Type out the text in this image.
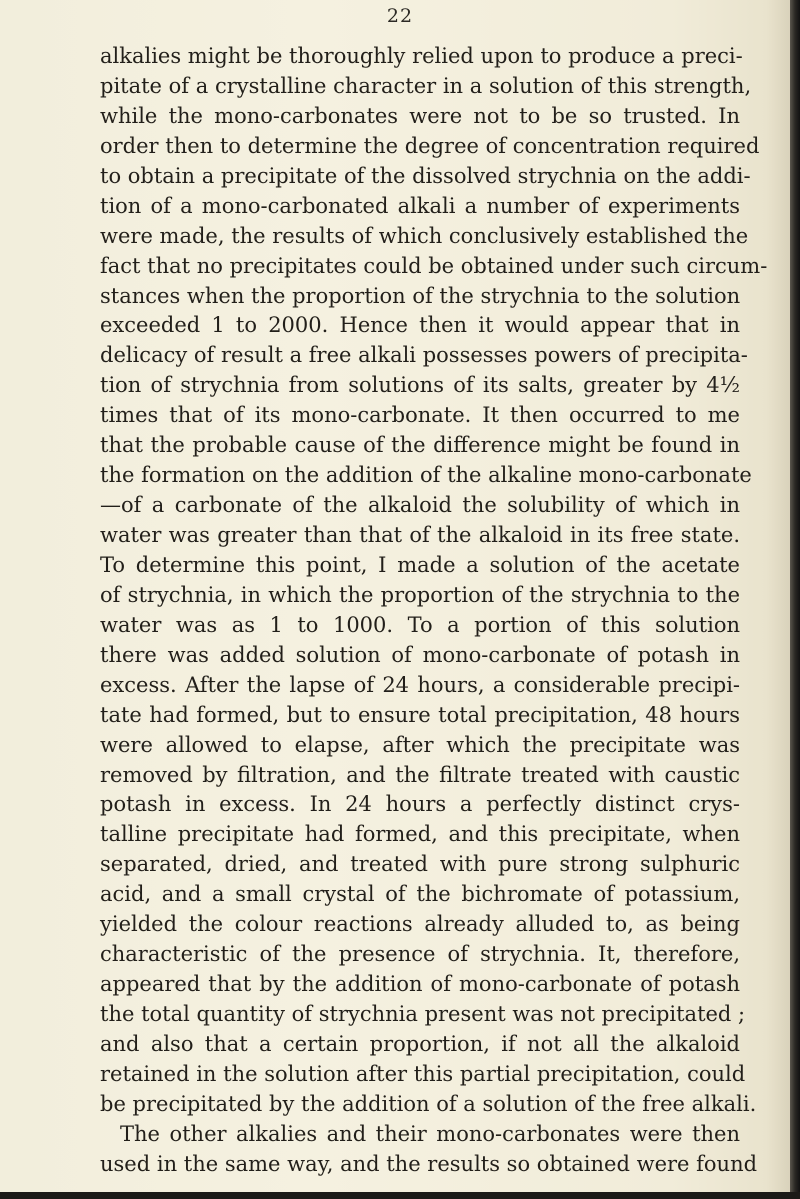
22

alkalies might be thoroughly relied upon to produce a preci-
pitate of a crystalline character in a solution of this strength,
while the mono-carbonates were not to be so trusted. In
order then to determine the degree of concentration required
to obtain a precipitate of the dissolved strychnia on the addi-
tion of a mono-carbonated alkali a number of experiments
were made, the results of which conclusively established the
fact that no precipitates could be obtained under such circum-
stances when the proportion of the strychnia to the solution
exceeded 1 to 2000. Hence then it would appear that in
delicacy of result a free alkali possesses powers of precipita-
tion of strychnia from solutions of its salts, greater by 4½
times that of its mono-carbonate. It then occurred to me
that the probable cause of the difference might be found in
the formation on the addition of the alkaline mono-carbonate
—of a carbonate of the alkaloid the solubility of which in
water was greater than that of the alkaloid in its free state.
To determine this point, I made a solution of the acetate
of strychnia, in which the proportion of the strychnia to the
water was as 1 to 1000. To a portion of this solution
there was added solution of mono-carbonate of potash in
excess. After the lapse of 24 hours, a considerable precipi-
tate had formed, but to ensure total precipitation, 48 hours
were allowed to elapse, after which the precipitate was
removed by filtration, and the filtrate treated with caustic
potash in excess. In 24 hours a perfectly distinct crys-
talline precipitate had formed, and this precipitate, when
separated, dried, and treated with pure strong sulphuric
acid, and a small crystal of the bichromate of potassium,
yielded the colour reactions already alluded to, as being
characteristic of the presence of strychnia. It, therefore,
appeared that by the addition of mono-carbonate of potash
the total quantity of strychnia present was not precipitated ;
and also that a certain proportion, if not all the alkaloid
retained in the solution after this partial precipitation, could
be precipitated by the addition of a solution of the free alkali.
The other alkalies and their mono-carbonates were then
used in the same way, and the results so obtained were found
